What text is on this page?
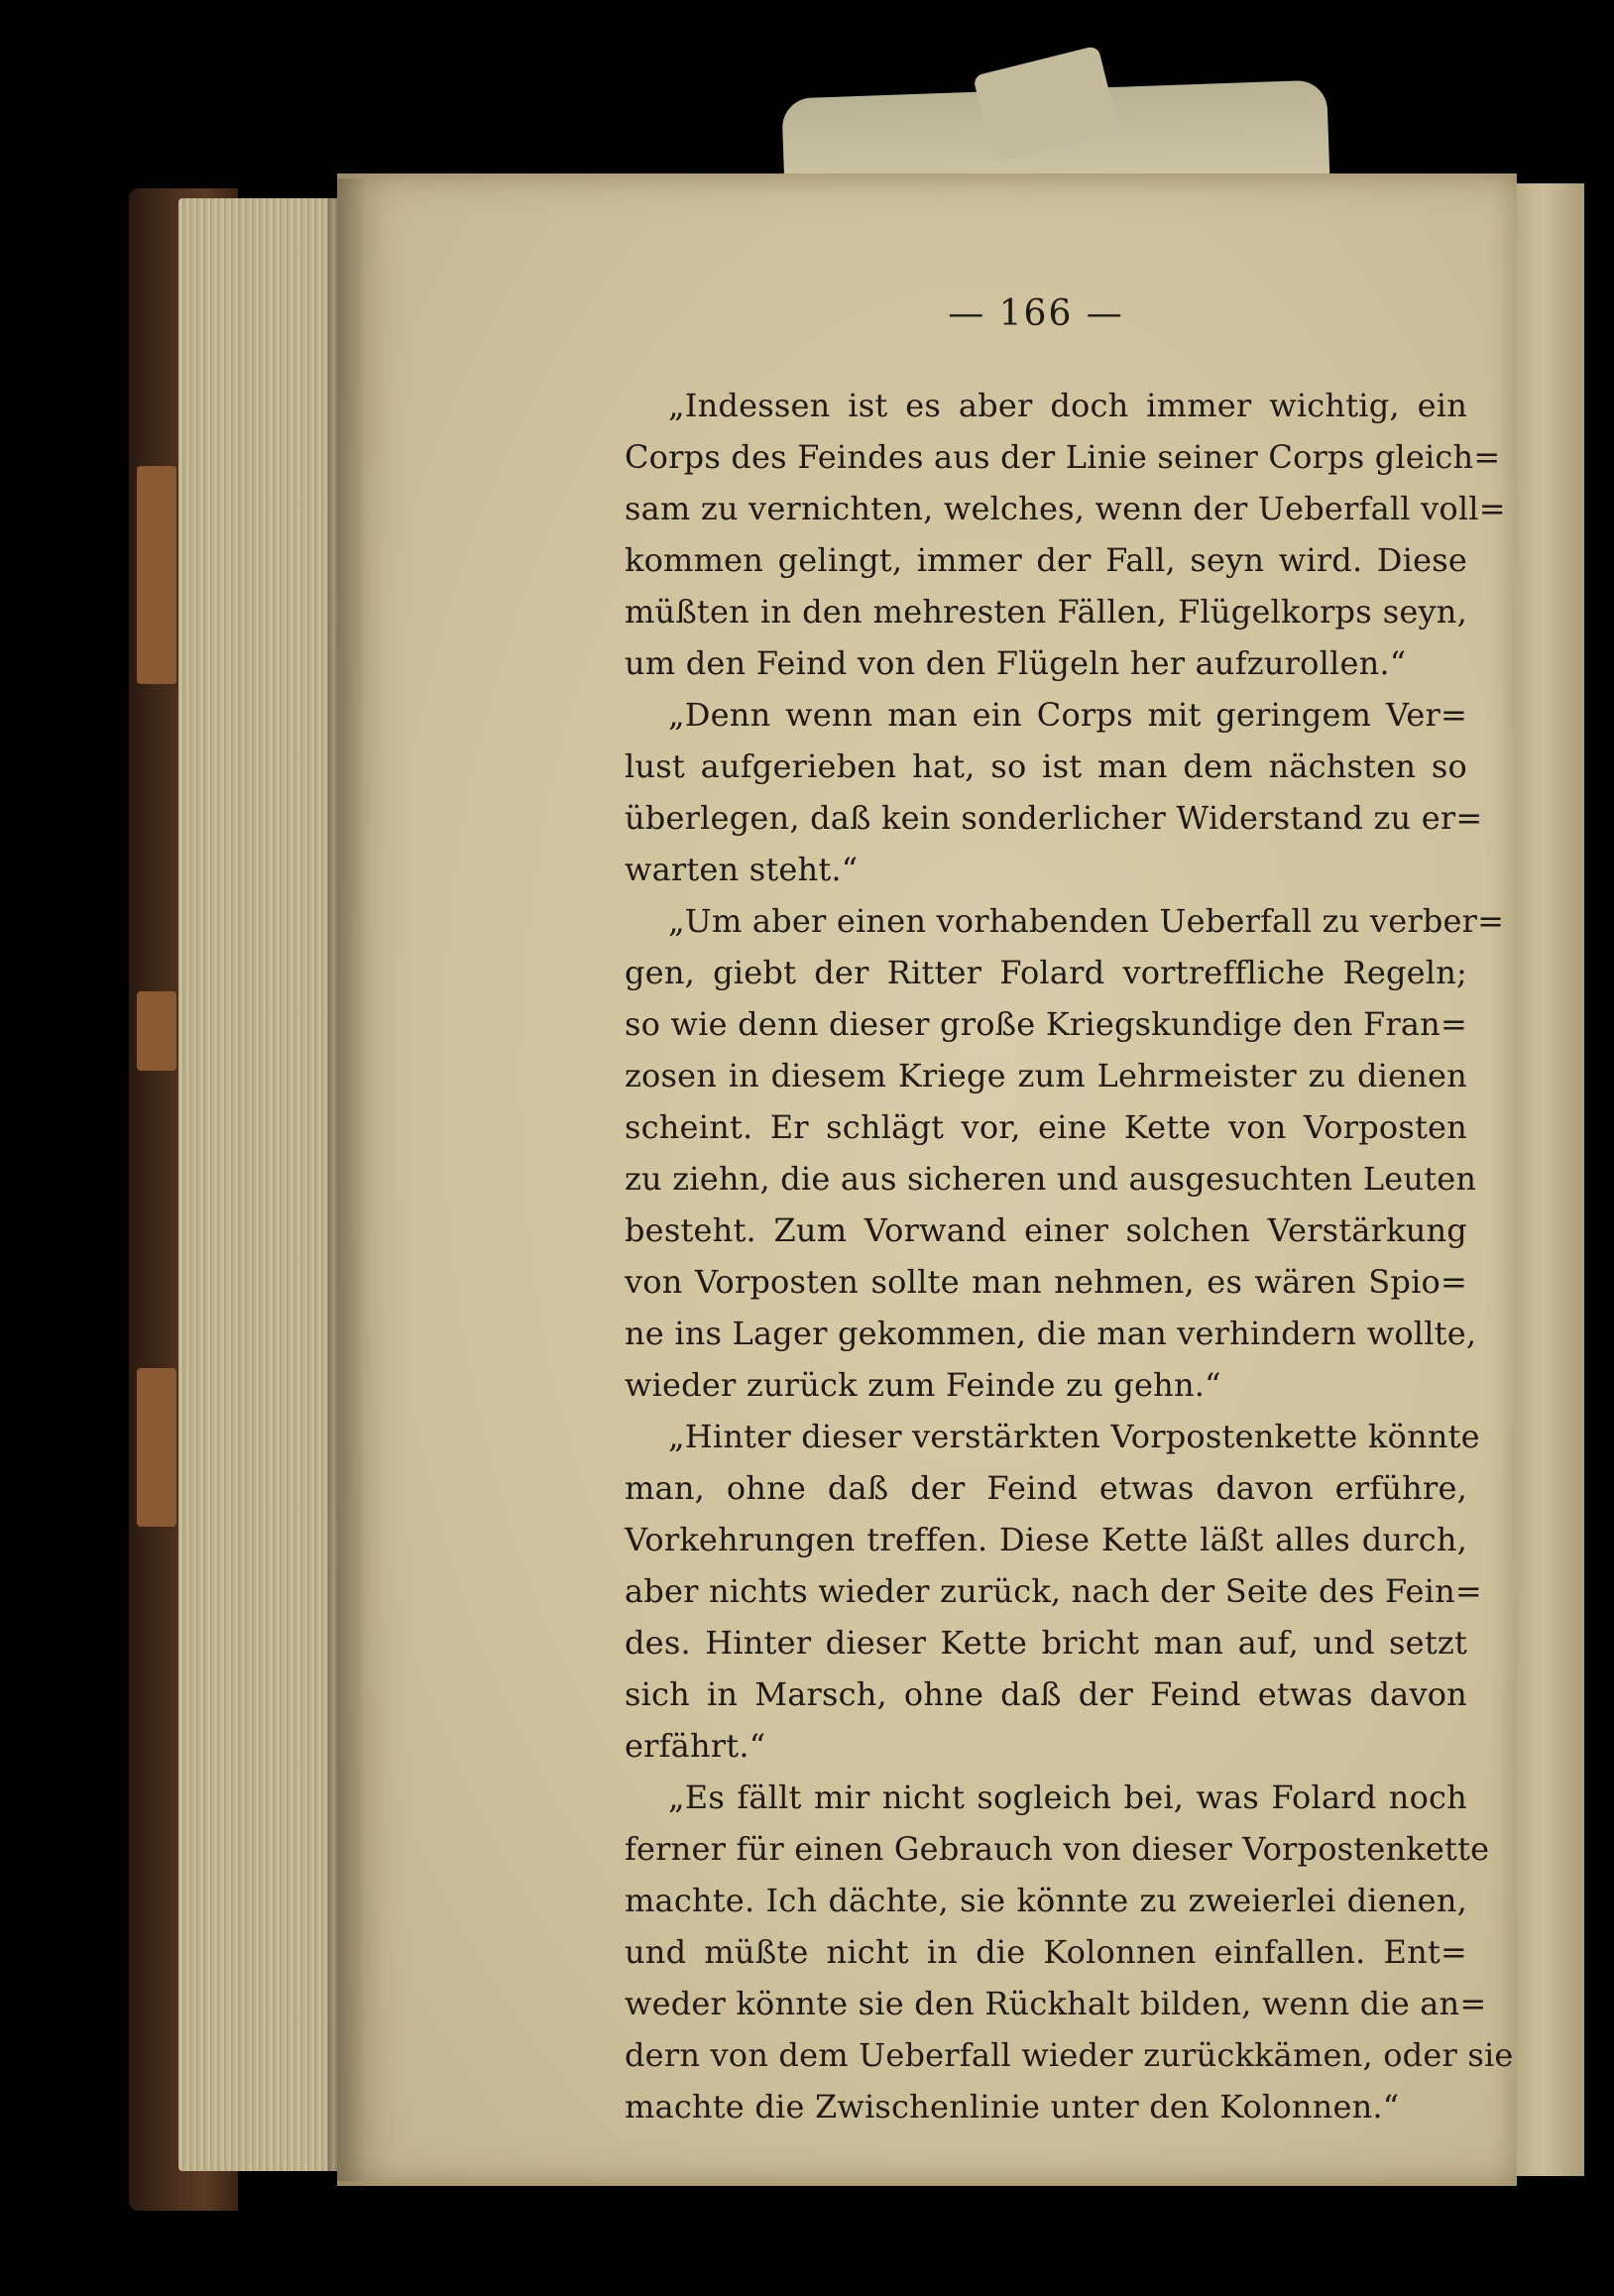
— 166 —
„Indessen ist es aber doch immer wichtig, ein
Corps des Feindes aus der Linie seiner Corps gleich=
sam zu vernichten, welches, wenn der Ueberfall voll=
kommen gelingt, immer der Fall, seyn wird. Diese
müßten in den mehresten Fällen, Flügelkorps seyn,
um den Feind von den Flügeln her aufzurollen.“
„Denn wenn man ein Corps mit geringem Ver=
lust aufgerieben hat, so ist man dem nächsten so
überlegen, daß kein sonderlicher Widerstand zu er=
warten steht.“
„Um aber einen vorhabenden Ueberfall zu verber=
gen, giebt der Ritter Folard vortreffliche Regeln;
so wie denn dieser große Kriegskundige den Fran=
zosen in diesem Kriege zum Lehrmeister zu dienen
scheint. Er schlägt vor, eine Kette von Vorposten
zu ziehn, die aus sicheren und ausgesuchten Leuten
besteht. Zum Vorwand einer solchen Verstärkung
von Vorposten sollte man nehmen, es wären Spio=
ne ins Lager gekommen, die man verhindern wollte,
wieder zurück zum Feinde zu gehn.“
„Hinter dieser verstärkten Vorpostenkette könnte
man, ohne daß der Feind etwas davon erführe,
Vorkehrungen treffen. Diese Kette läßt alles durch,
aber nichts wieder zurück, nach der Seite des Fein=
des. Hinter dieser Kette bricht man auf, und setzt
sich in Marsch, ohne daß der Feind etwas davon
erfährt.“
„Es fällt mir nicht sogleich bei, was Folard noch
ferner für einen Gebrauch von dieser Vorpostenkette
machte. Ich dächte, sie könnte zu zweierlei dienen,
und müßte nicht in die Kolonnen einfallen. Ent=
weder könnte sie den Rückhalt bilden, wenn die an=
dern von dem Ueberfall wieder zurückkämen, oder sie
machte die Zwischenlinie unter den Kolonnen.“
